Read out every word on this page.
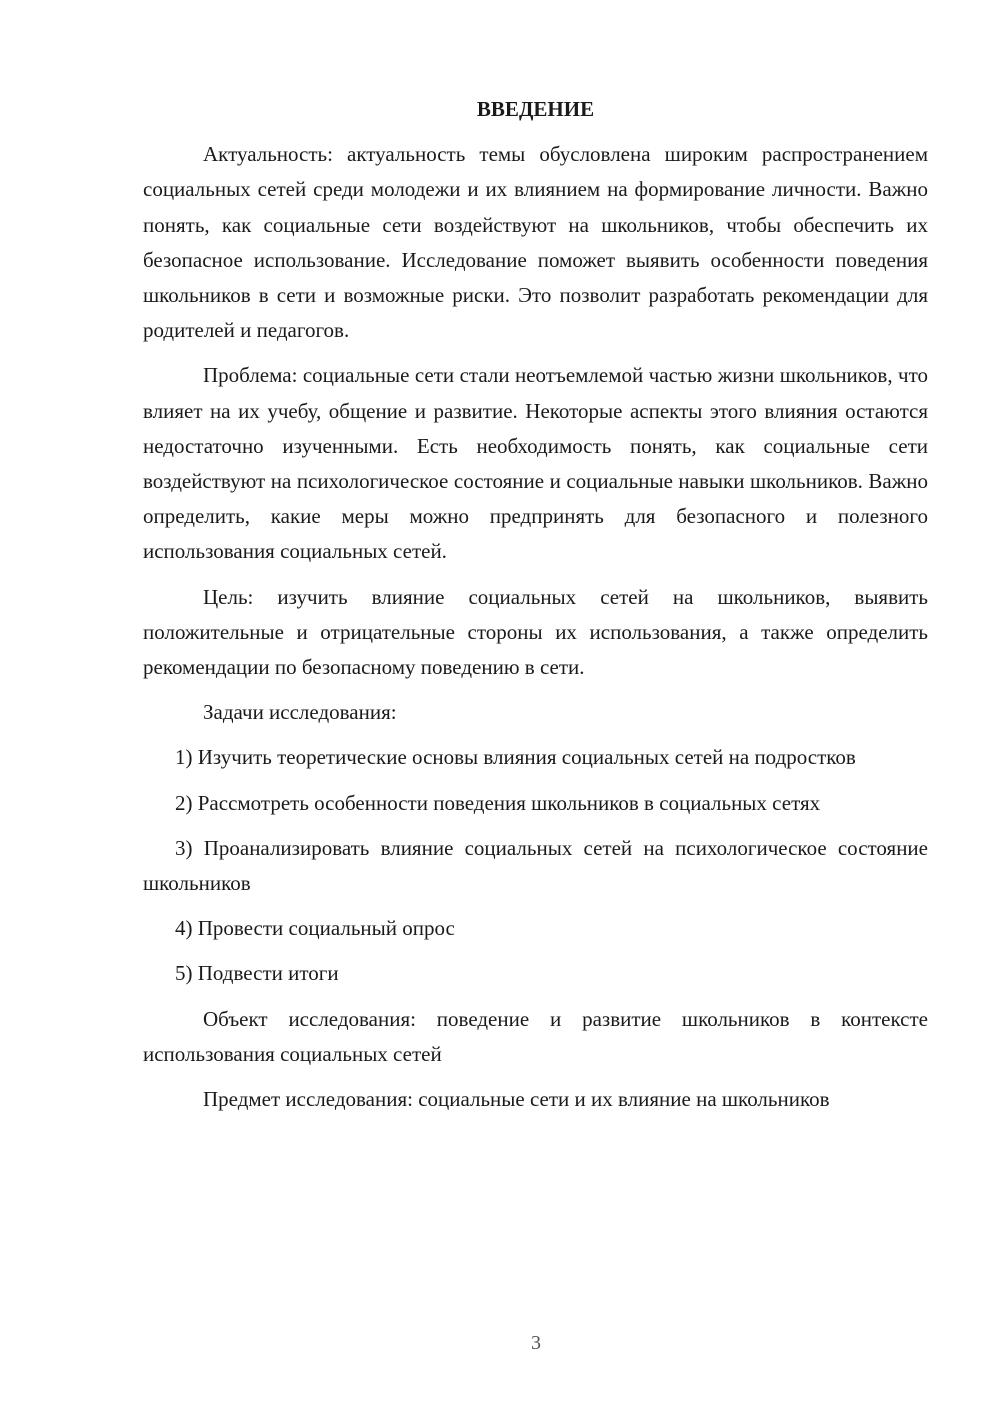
ВВЕДЕНИЕ

Актуальность: актуальность темы обусловлена широким распространением социальных сетей среди молодежи и их влиянием на формирование личности. Важно понять, как социальные сети воздействуют на школьников, чтобы обеспечить их безопасное использование. Исследование поможет выявить особенности поведения школьников в сети и возможные риски. Это позволит разработать рекомендации для родителей и педагогов.

Проблема: социальные сети стали неотъемлемой частью жизни школьников, что влияет на их учебу, общение и развитие. Некоторые аспекты этого влияния остаются недостаточно изученными. Есть необходимость понять, как социальные сети воздействуют на психологическое состояние и социальные навыки школьников. Важно определить, какие меры можно предпринять для безопасного и полезного использования социальных сетей.

Цель: изучить влияние социальных сетей на школьников, выявить положительные и отрицательные стороны их использования, а также определить рекомендации по безопасному поведению в сети.

Задачи исследования:

1) Изучить теоретические основы влияния социальных сетей на подростков

2) Рассмотреть особенности поведения школьников в социальных сетях

3) Проанализировать влияние социальных сетей на психологическое состояние школьников

4) Провести социальный опрос

5) Подвести итоги

Объект исследования: поведение и развитие школьников в контексте использования социальных сетей

Предмет исследования: социальные сети и их влияние на школьников

3
